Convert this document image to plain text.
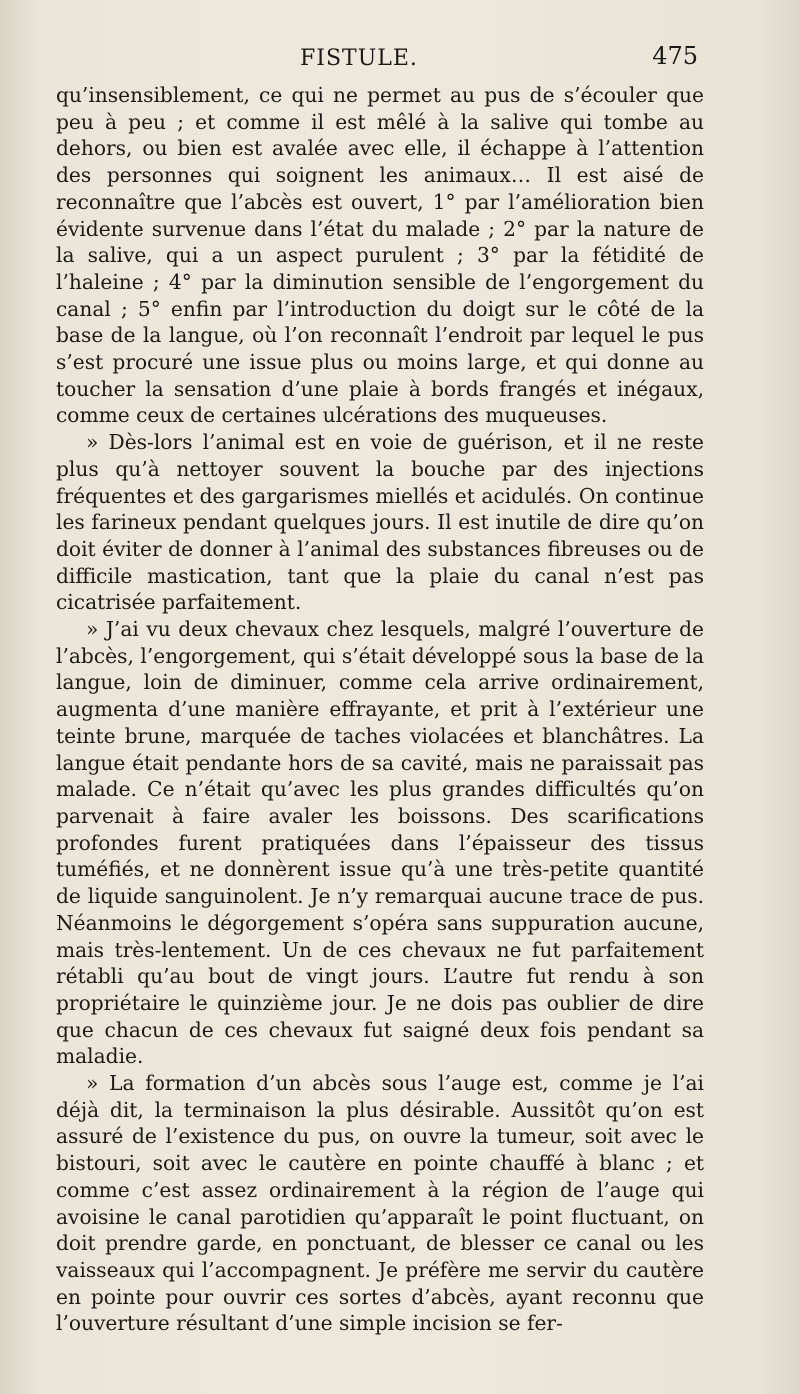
FISTULE.	475

qu’insensiblement, ce qui ne permet au pus de s’écouler que peu à peu ; et comme il est mêlé à la salive qui tombe au dehors, ou bien est avalée avec elle, il échappe à l’attention des personnes qui soignent les animaux… Il est aisé de reconnaître que l’abcès est ouvert, 1° par l’amélioration bien évidente survenue dans l’état du malade ; 2° par la nature de la salive, qui a un aspect purulent ; 3° par la fétidité de l’haleine ; 4° par la diminution sensible de l’engorgement du canal ; 5° enfin par l’introduction du doigt sur le côté de la base de la langue, où l’on reconnaît l’endroit par lequel le pus s’est procuré une issue plus ou moins large, et qui donne au toucher la sensation d’une plaie à bords frangés et inégaux, comme ceux de certaines ulcérations des muqueuses.

» Dès-lors l’animal est en voie de guérison, et il ne reste plus qu’à nettoyer souvent la bouche par des injections fréquentes et des gargarismes miellés et acidulés. On continue les farineux pendant quelques jours. Il est inutile de dire qu’on doit éviter de donner à l’animal des substances fibreuses ou de difficile mastication, tant que la plaie du canal n’est pas cicatrisée parfaitement.

» J’ai vu deux chevaux chez lesquels, malgré l’ouverture de l’abcès, l’engorgement, qui s’était développé sous la base de la langue, loin de diminuer, comme cela arrive ordinairement, augmenta d’une manière effrayante, et prit à l’extérieur une teinte brune, marquée de taches violacées et blanchâtres. La langue était pendante hors de sa cavité, mais ne paraissait pas malade. Ce n’était qu’avec les plus grandes difficultés qu’on parvenait à faire avaler les boissons. Des scarifications profondes furent pratiquées dans l’épaisseur des tissus tuméfiés, et ne donnèrent issue qu’à une très-petite quantité de liquide sanguinolent. Je n’y remarquai aucune trace de pus. Néanmoins le dégorgement s’opéra sans suppuration aucune, mais très-lentement. Un de ces chevaux ne fut parfaitement rétabli qu’au bout de vingt jours. L’autre fut rendu à son propriétaire le quinzième jour. Je ne dois pas oublier de dire que chacun de ces chevaux fut saigné deux fois pendant sa maladie.

» La formation d’un abcès sous l’auge est, comme je l’ai déjà dit, la terminaison la plus désirable. Aussitôt qu’on est assuré de l’existence du pus, on ouvre la tumeur, soit avec le bistouri, soit avec le cautère en pointe chauffé à blanc ; et comme c’est assez ordinairement à la région de l’auge qui avoisine le canal parotidien qu’apparaît le point fluctuant, on doit prendre garde, en ponctuant, de blesser ce canal ou les vaisseaux qui l’accompagnent. Je préfère me servir du cautère en pointe pour ouvrir ces sortes d’abcès, ayant reconnu que l’ouverture résultant d’une simple incision se fer-
